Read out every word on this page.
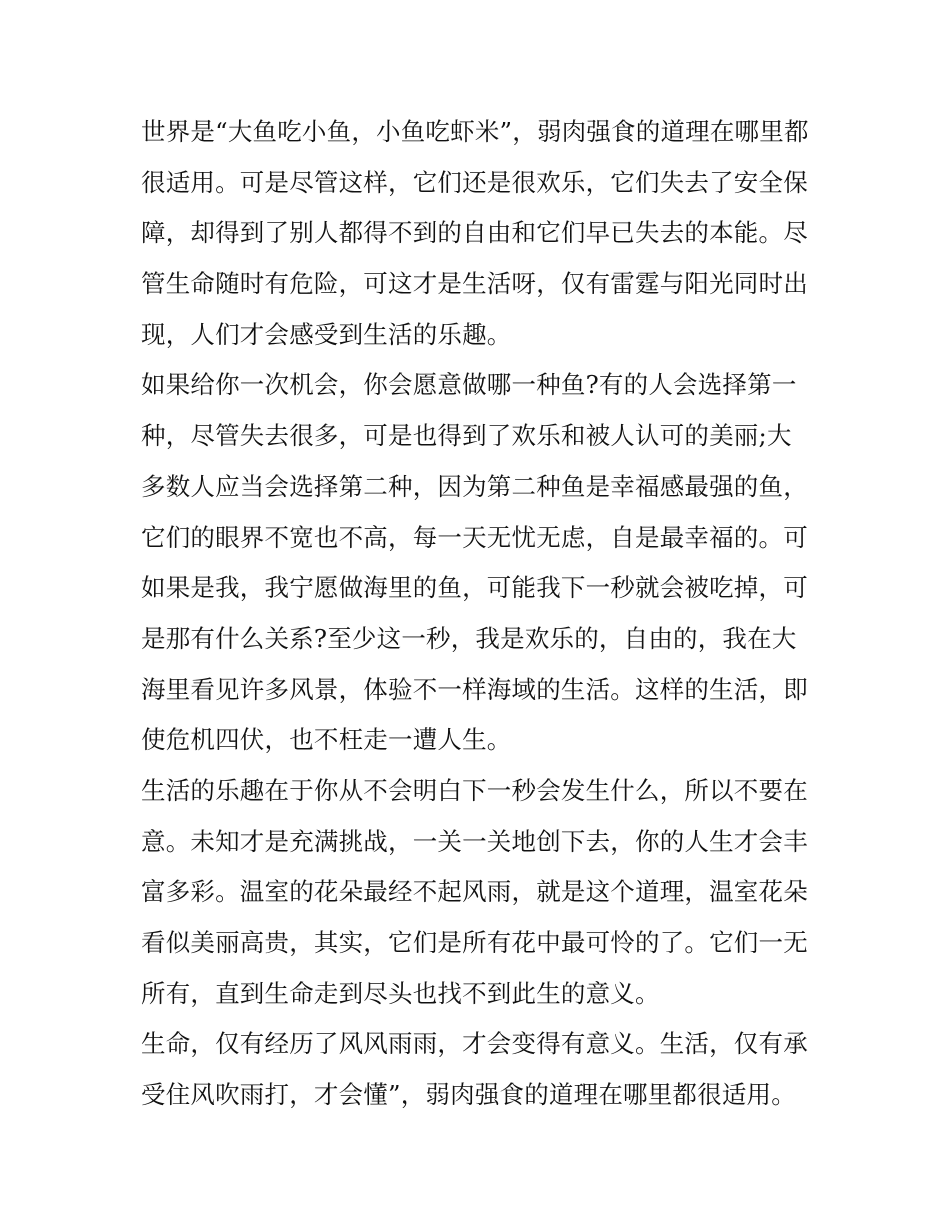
世界是“大鱼吃小鱼，小鱼吃虾米”，弱肉强食的道理在哪里都
很适用。可是尽管这样，它们还是很欢乐，它们失去了安全保
障，却得到了别人都得不到的自由和它们早已失去的本能。尽
管生命随时有危险，可这才是生活呀，仅有雷霆与阳光同时出
现，人们才会感受到生活的乐趣。

如果给你一次机会，你会愿意做哪一种鱼?有的人会选择第一
种，尽管失去很多，可是也得到了欢乐和被人认可的美丽;大
多数人应当会选择第二种，因为第二种鱼是幸福感最强的鱼，
它们的眼界不宽也不高，每一天无忧无虑，自是最幸福的。可
如果是我，我宁愿做海里的鱼，可能我下一秒就会被吃掉，可
是那有什么关系?至少这一秒，我是欢乐的，自由的，我在大
海里看见许多风景，体验不一样海域的生活。这样的生活，即
使危机四伏，也不枉走一遭人生。

生活的乐趣在于你从不会明白下一秒会发生什么，所以不要在
意。未知才是充满挑战，一关一关地创下去，你的人生才会丰
富多彩。温室的花朵最经不起风雨，就是这个道理，温室花朵
看似美丽高贵，其实，它们是所有花中最可怜的了。它们一无
所有，直到生命走到尽头也找不到此生的意义。

生命，仅有经历了风风雨雨，才会变得有意义。生活，仅有承
受住风吹雨打，才会懂”，弱肉强食的道理在哪里都很适用。
